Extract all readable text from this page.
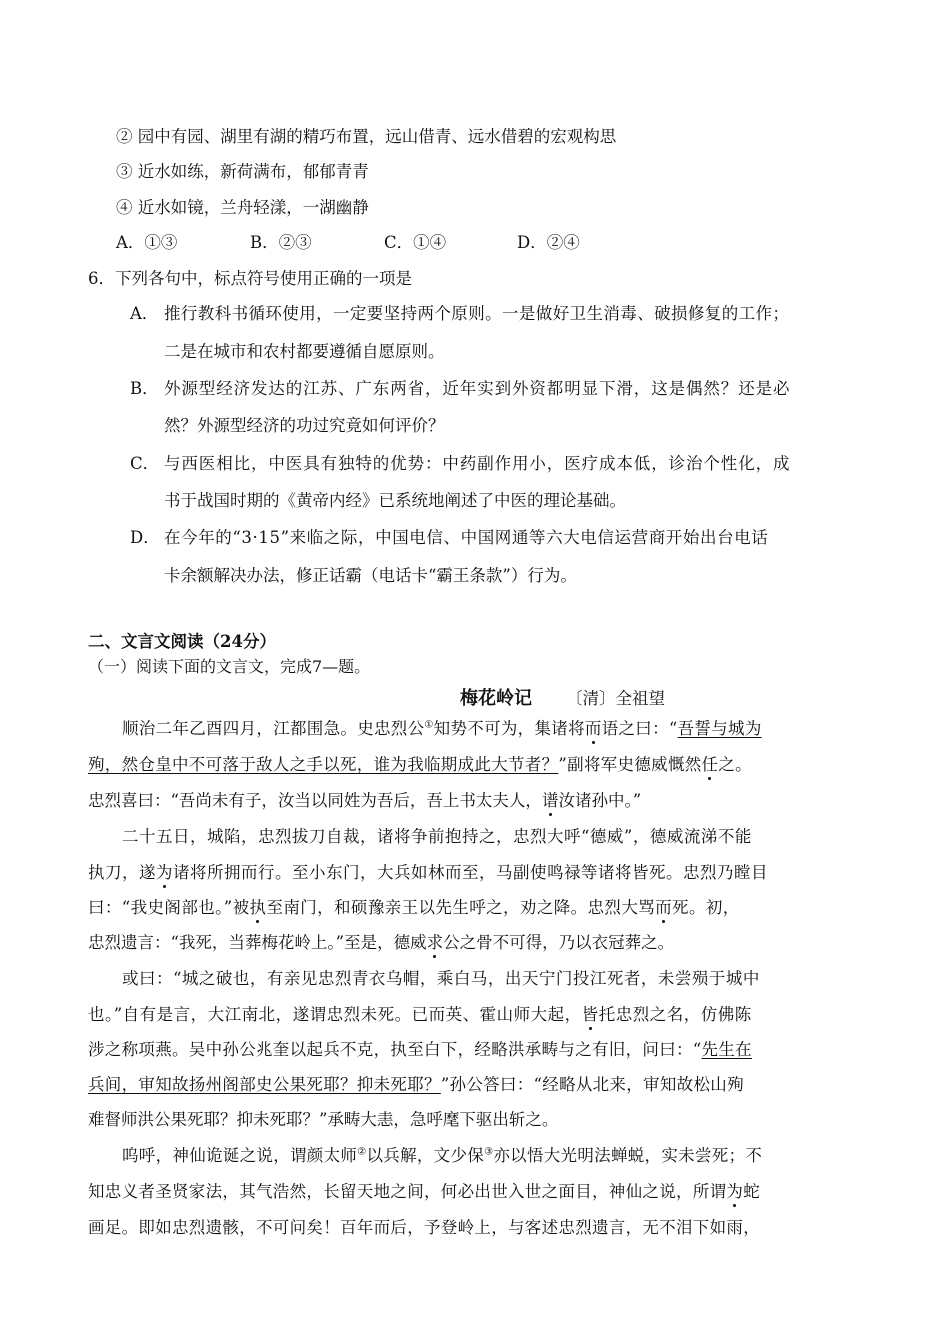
② 园中有园、湖里有湖的精巧布置，远山借青、远水借碧的宏观构思
③ 近水如练，新荷满布，郁郁青青
④ 近水如镜，兰舟轻漾，一湖幽静
A．①③	B．②③	C．①④	D．②④
6．下列各句中，标点符号使用正确的一项是
A． 推行教科书循环使用，一定要坚持两个原则。一是做好卫生消毒、破损修复的工作；
二是在城市和农村都要遵循自愿原则。
B． 外源型经济发达的江苏、广东两省，近年实到外资都明显下滑，这是偶然？还是必
然？外源型经济的功过究竟如何评价？
C． 与西医相比，中医具有独特的优势：中药副作用小，医疗成本低，诊治个性化，成
书于战国时期的《黄帝内经》已系统地阐述了中医的理论基础。
D． 在今年的“3·15”来临之际，中国电信、中国网通等六大电信运营商开始出台电话
卡余额解决办法，修正话霸（电话卡“霸王条款”）行为。
二、文言文阅读（24分）
（一）阅读下面的文言文，完成7—题。
梅花岭记 〔清〕全祖望
顺治二年乙酉四月，江都围急。史忠烈公①知势不可为，集诸将而语之曰：“吾誓与城为
殉，然仓皇中不可落于敌人之手以死，谁为我临期成此大节者？”副将军史德威慨然任之。
忠烈喜曰：“吾尚未有子，汝当以同姓为吾后，吾上书太夫人，谱汝诸孙中。”
二十五日，城陷，忠烈拔刀自裁，诸将争前抱持之，忠烈大呼“德威”，德威流涕不能
执刀，遂为诸将所拥而行。至小东门，大兵如林而至，马副使鸣禄等诸将皆死。忠烈乃瞠目
曰：“我史阁部也。”被执至南门，和硕豫亲王以先生呼之，劝之降。忠烈大骂而死。初，
忠烈遗言：“我死，当葬梅花岭上。”至是，德威求公之骨不可得，乃以衣冠葬之。
或曰：“城之破也，有亲见忠烈青衣乌帽，乘白马，出天宁门投江死者，未尝殒于城中
也。”自有是言，大江南北，遂谓忠烈未死。已而英、霍山师大起，皆托忠烈之名，仿佛陈
涉之称项燕。吴中孙公兆奎以起兵不克，执至白下，经略洪承畴与之有旧，问曰：“先生在
兵间，审知故扬州阁部史公果死耶？抑未死耶？”孙公答曰：“经略从北来，审知故松山殉
难督师洪公果死耶？抑未死耶？”承畴大恚，急呼麾下驱出斩之。
呜呼，神仙诡诞之说，谓颜太师②以兵解，文少保③亦以悟大光明法蝉蜕，实未尝死；不
知忠义者圣贤家法，其气浩然，长留天地之间，何必出世入世之面目，神仙之说，所谓为蛇
画足。即如忠烈遗骸，不可问矣！百年而后，予登岭上，与客述忠烈遗言，无不泪下如雨，
